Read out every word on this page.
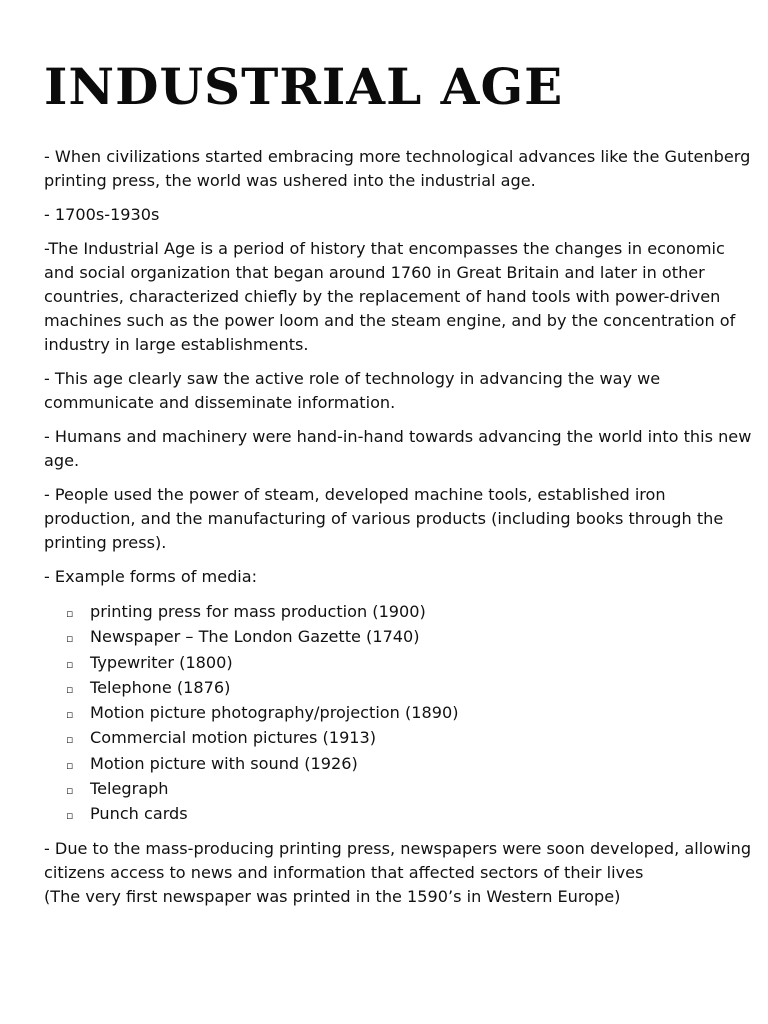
INDUSTRIAL AGE

- When civilizations started embracing more technological advances like the Gutenberg printing press, the world was ushered into the industrial age.

- 1700s-1930s

-The Industrial Age is a period of history that encompasses the changes in economic and social organization that began around 1760 in Great Britain and later in other countries, characterized chiefly by the replacement of hand tools with power-driven machines such as the power loom and the steam engine, and by the concentration of industry in large establishments.

- This age clearly saw the active role of technology in advancing the way we communicate and disseminate information.

- Humans and machinery were hand-in-hand towards advancing the world into this new age.

- People used the power of steam, developed machine tools, established iron production, and the manufacturing of various products (including books through the printing press).

- Example forms of media:

▫	printing press for mass production (1900)
▫	Newspaper – The London Gazette (1740)
▫	Typewriter (1800)
▫	Telephone (1876)
▫	Motion picture photography/projection (1890)
▫	Commercial motion pictures (1913)
▫	Motion picture with sound (1926)
▫	Telegraph
▫	Punch cards

- Due to the mass-producing printing press, newspapers were soon developed, allowing citizens access to news and information that affected sectors of their lives

(The very first newspaper was printed in the 1590’s in Western Europe)
